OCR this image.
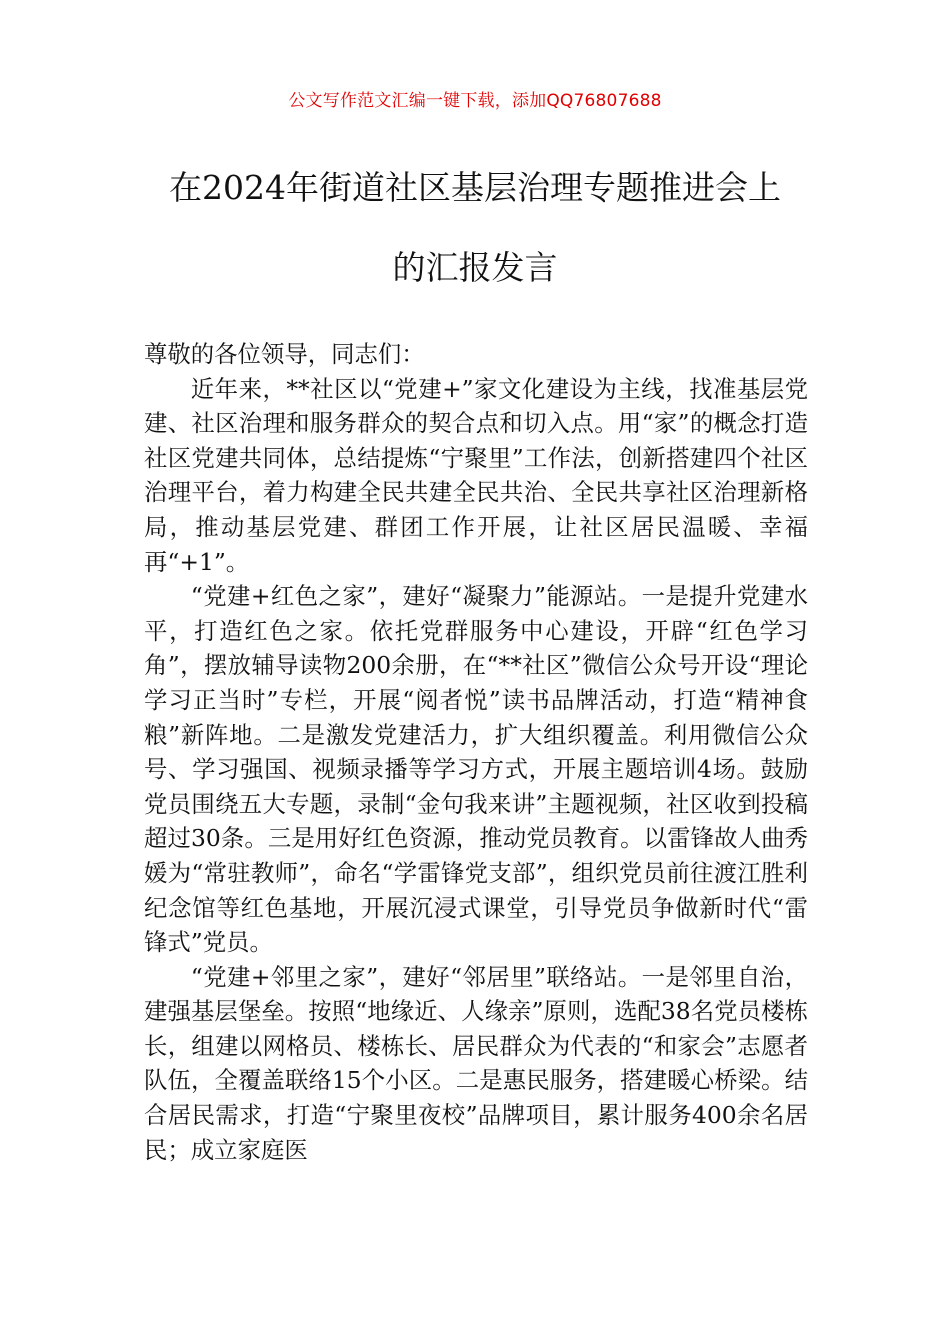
公文写作范文汇编一键下载，添加QQ76807688
在2024年街道社区基层治理专题推进会上
的汇报发言

尊敬的各位领导，同志们：

近年来，**社区以“党建+”家文化建设为主线，找准基层党建、社区治理和服务群众的契合点和切入点。用“家”的概念打造社区党建共同体，总结提炼“宁聚里”工作法，创新搭建四个社区治理平台，着力构建全民共建全民共治、全民共享社区治理新格局，推动基层党建、群团工作开展，让社区居民温暖、幸福再“+1”。

“党建+红色之家”，建好“凝聚力”能源站。一是提升党建水平，打造红色之家。依托党群服务中心建设，开辟“红色学习角”，摆放辅导读物200余册，在“**社区”微信公众号开设“理论学习正当时”专栏，开展“阅者悦”读书品牌活动，打造“精神食粮”新阵地。二是激发党建活力，扩大组织覆盖。利用微信公众号、学习强国、视频录播等学习方式，开展主题培训4场。鼓励党员围绕五大专题，录制“金句我来讲”主题视频，社区收到投稿超过30条。三是用好红色资源，推动党员教育。以雷锋故人曲秀媛为“常驻教师”，命名“学雷锋党支部”，组织党员前往渡江胜利纪念馆等红色基地，开展沉浸式课堂，引导党员争做新时代“雷锋式”党员。

“党建+邻里之家”，建好“邻居里”联络站。一是邻里自治，建强基层堡垒。按照“地缘近、人缘亲”原则，选配38名党员楼栋长，组建以网格员、楼栋长、居民群众为代表的“和家会”志愿者队伍，全覆盖联络15个小区。二是惠民服务，搭建暖心桥梁。结合居民需求，打造“宁聚里夜校”品牌项目，累计服务400余名居民；成立家庭医
